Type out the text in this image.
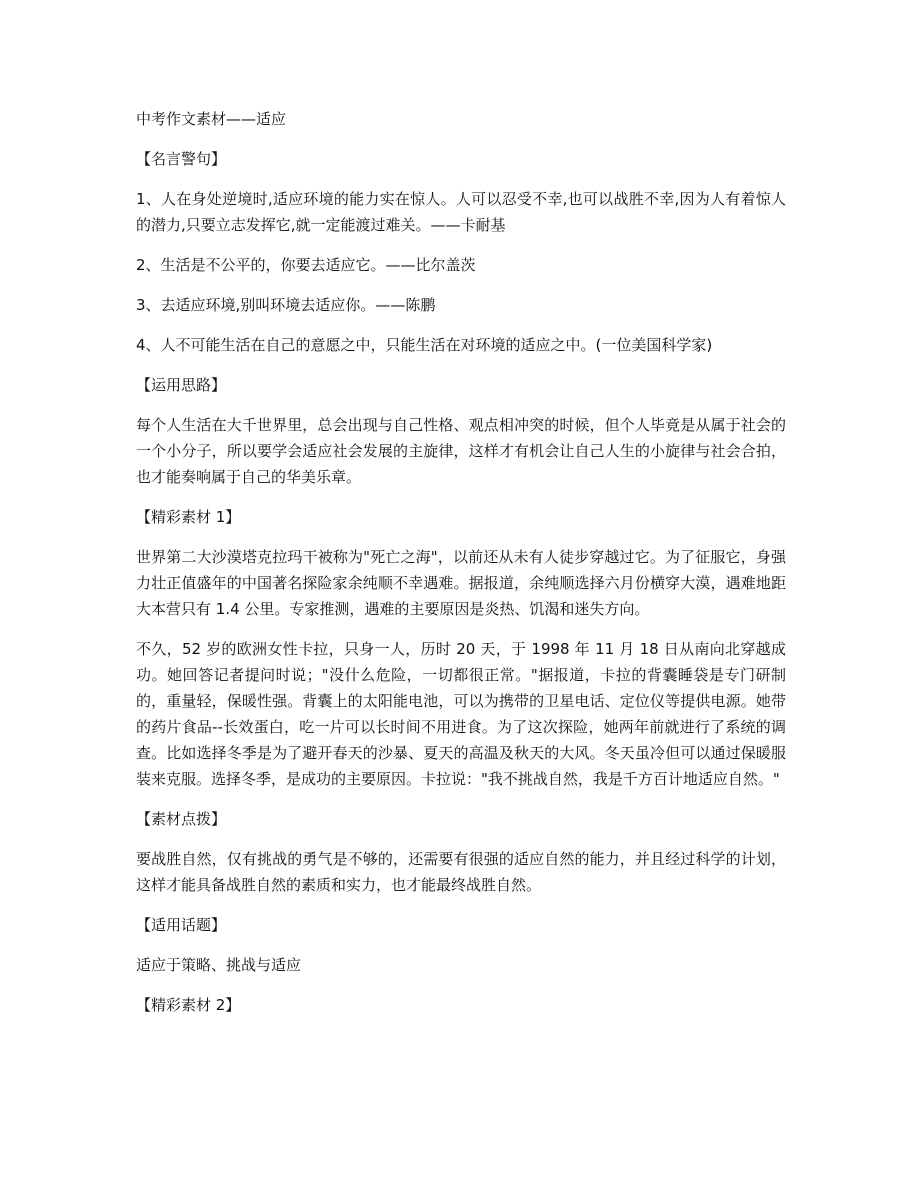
中考作文素材——适应

【名言警句】

1、人在身处逆境时,适应环境的能力实在惊人。人可以忍受不幸,也可以战胜不幸,因为人有着惊人的潜力,只要立志发挥它,就一定能渡过难关。——卡耐基

2、生活是不公平的，你要去适应它。——比尔盖茨

3、去适应环境,别叫环境去适应你。——陈鹏

4、人不可能生活在自己的意愿之中，只能生活在对环境的适应之中。(一位美国科学家)

【运用思路】

每个人生活在大千世界里，总会出现与自己性格、观点相冲突的时候，但个人毕竟是从属于社会的一个小分子，所以要学会适应社会发展的主旋律，这样才有机会让自己人生的小旋律与社会合拍，也才能奏响属于自己的华美乐章。

【精彩素材 1】

世界第二大沙漠塔克拉玛干被称为"死亡之海"，以前还从未有人徒步穿越过它。为了征服它，身强力壮正值盛年的中国著名探险家余纯顺不幸遇难。据报道，余纯顺选择六月份横穿大漠，遇难地距大本营只有 1.4 公里。专家推测，遇难的主要原因是炎热、饥渴和迷失方向。

不久，52 岁的欧洲女性卡拉，只身一人，历时 20 天，于 1998 年 11 月 18 日从南向北穿越成功。她回答记者提问时说；"没什么危险，一切都很正常。"据报道，卡拉的背囊睡袋是专门研制的，重量轻，保暖性强。背囊上的太阳能电池，可以为携带的卫星电话、定位仪等提供电源。她带的药片食品--长效蛋白，吃一片可以长时间不用进食。为了这次探险，她两年前就进行了系统的调查。比如选择冬季是为了避开春天的沙暴、夏天的高温及秋天的大风。冬天虽冷但可以通过保暖服装来克服。选择冬季，是成功的主要原因。卡拉说："我不挑战自然，我是千方百计地适应自然。"

【素材点拨】

要战胜自然，仅有挑战的勇气是不够的，还需要有很强的适应自然的能力，并且经过科学的计划，这样才能具备战胜自然的素质和实力，也才能最终战胜自然。

【适用话题】

适应于策略、挑战与适应

【精彩素材 2】
